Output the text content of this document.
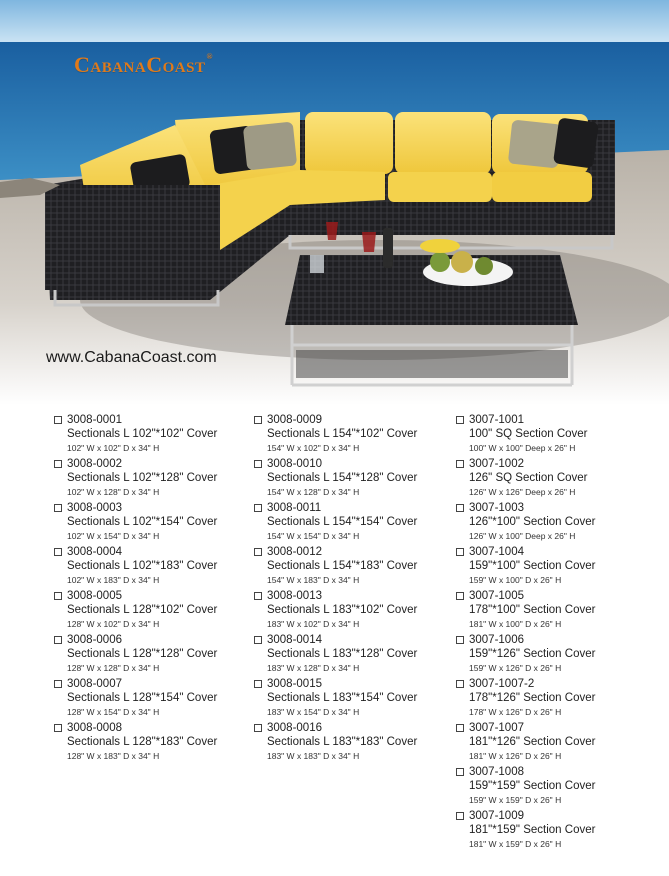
CabanaCoast®
www.CabanaCoast.com
3008-0001
Sectionals L 102"*102" Cover
102" W x 102" D x 34" H
3008-0002
Sectionals L 102"*128" Cover
102" W x 128" D x 34" H
3008-0003
Sectionals L 102"*154" Cover
102" W x 154" D x 34" H
3008-0004
Sectionals L 102"*183" Cover
102" W x 183" D x 34" H
3008-0005
Sectionals L 128"*102" Cover
128" W x 102" D x 34" H
3008-0006
Sectionals L 128"*128" Cover
128" W x 128" D x 34" H
3008-0007
Sectionals L 128"*154" Cover
128" W x 154" D x 34" H
3008-0008
Sectionals L 128"*183" Cover
128" W x 183" D x 34" H
3008-0009
Sectionals L 154"*102" Cover
154" W x 102" D x 34" H
3008-0010
Sectionals L 154"*128" Cover
154" W x 128" D x 34" H
3008-0011
Sectionals L 154"*154" Cover
154" W x 154" D x 34" H
3008-0012
Sectionals L 154"*183" Cover
154" W x 183" D x 34" H
3008-0013
Sectionals L 183"*102" Cover
183" W x 102" D x 34" H
3008-0014
Sectionals L 183"*128" Cover
183" W x 128" D x 34" H
3008-0015
Sectionals L 183"*154" Cover
183" W x 154" D x 34" H
3008-0016
Sectionals L 183"*183" Cover
183" W x 183" D x 34" H
3007-1001
100" SQ Section Cover
100" W x 100" Deep x 26" H
3007-1002
126" SQ Section Cover
126" W x 126" Deep x 26" H
3007-1003
126"*100" Section Cover
126" W x 100" Deep x 26" H
3007-1004
159"*100" Section Cover
159" W x 100" D x 26" H
3007-1005
178"*100" Section Cover
181" W x 100" D x 26" H
3007-1006
159"*126" Section Cover
159" W x 126" D x 26" H
3007-1007-2
178"*126" Section Cover
178" W x 126" D x 26" H
3007-1007
181"*126" Section Cover
181" W x 126" D x 26" H
3007-1008
159"*159" Section Cover
159" W x 159" D x 26" H
3007-1009
181"*159" Section Cover
181" W x 159" D x 26" H
